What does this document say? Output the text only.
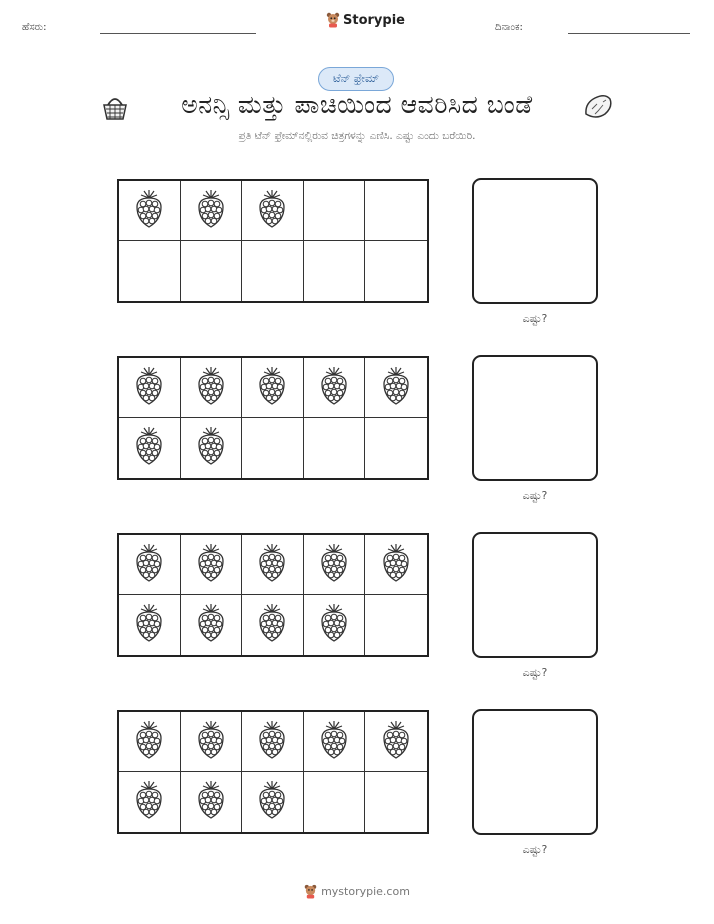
ಹೆಸರು:	Storypie	ದಿನಾಂಕ:
ಟೆನ್ ಫ್ರೇಮ್
ಅನನ್ಸಿ ಮತ್ತು ಪಾಚಿಯಿಂದ ಆವರಿಸಿದ ಬಂಡೆ
ಪ್ರತಿ ಟೆನ್ ಫ್ರೇಮ್‌ನಲ್ಲಿರುವ ಚಿತ್ರಗಳನ್ನು ಎಣಿಸಿ. ಎಷ್ಟು ಎಂದು ಬರೆಯಿರಿ.
ಎಷ್ಟು?
ಎಷ್ಟು?
ಎಷ್ಟು?
ಎಷ್ಟು?
mystorypie.com
